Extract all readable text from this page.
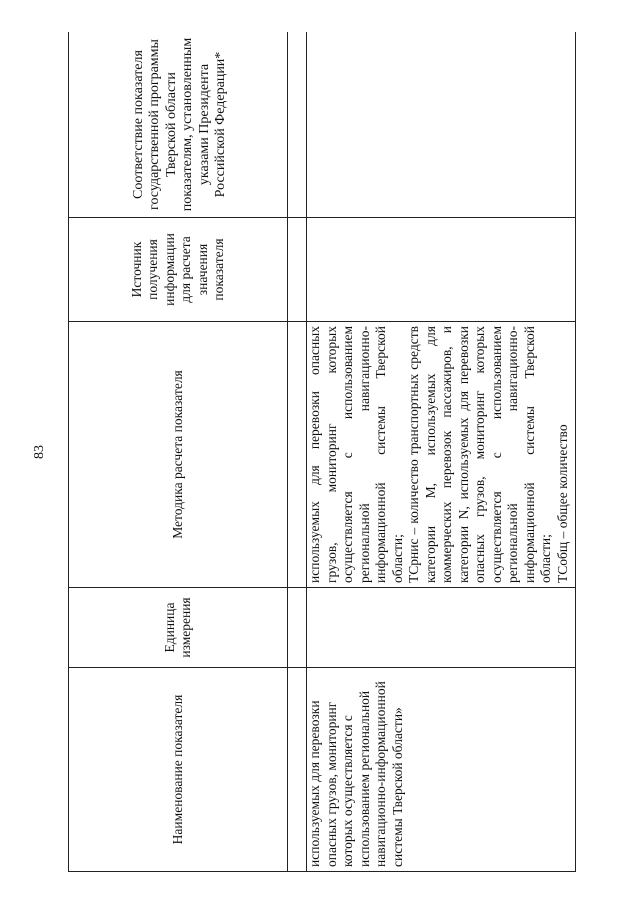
83
Наименование показателя	Единица измерения	Методика расчета показателя	Источник получения информации для расчета значения показателя	Соответствие показателя государственной программы Тверской области показателям, установленным указами Президента Российской Федерации*

используемых для перевозки опасных грузов, мониторинг которых осуществляется с использованием региональной навигационно-информационной системы Тверской области»		используемых для перевозки опасных грузов, мониторинг которых осуществляется с использованием региональной навигационно-информационной системы Тверской области; ТСрнис – количество транспортных средств категории М, используемых для коммерческих перевозок пассажиров, и категории N, используемых для перевозки опасных грузов, мониторинг которых осуществляется с использованием региональной навигационно-информационной системы Тверской области; ТСобщ – общее количество		
